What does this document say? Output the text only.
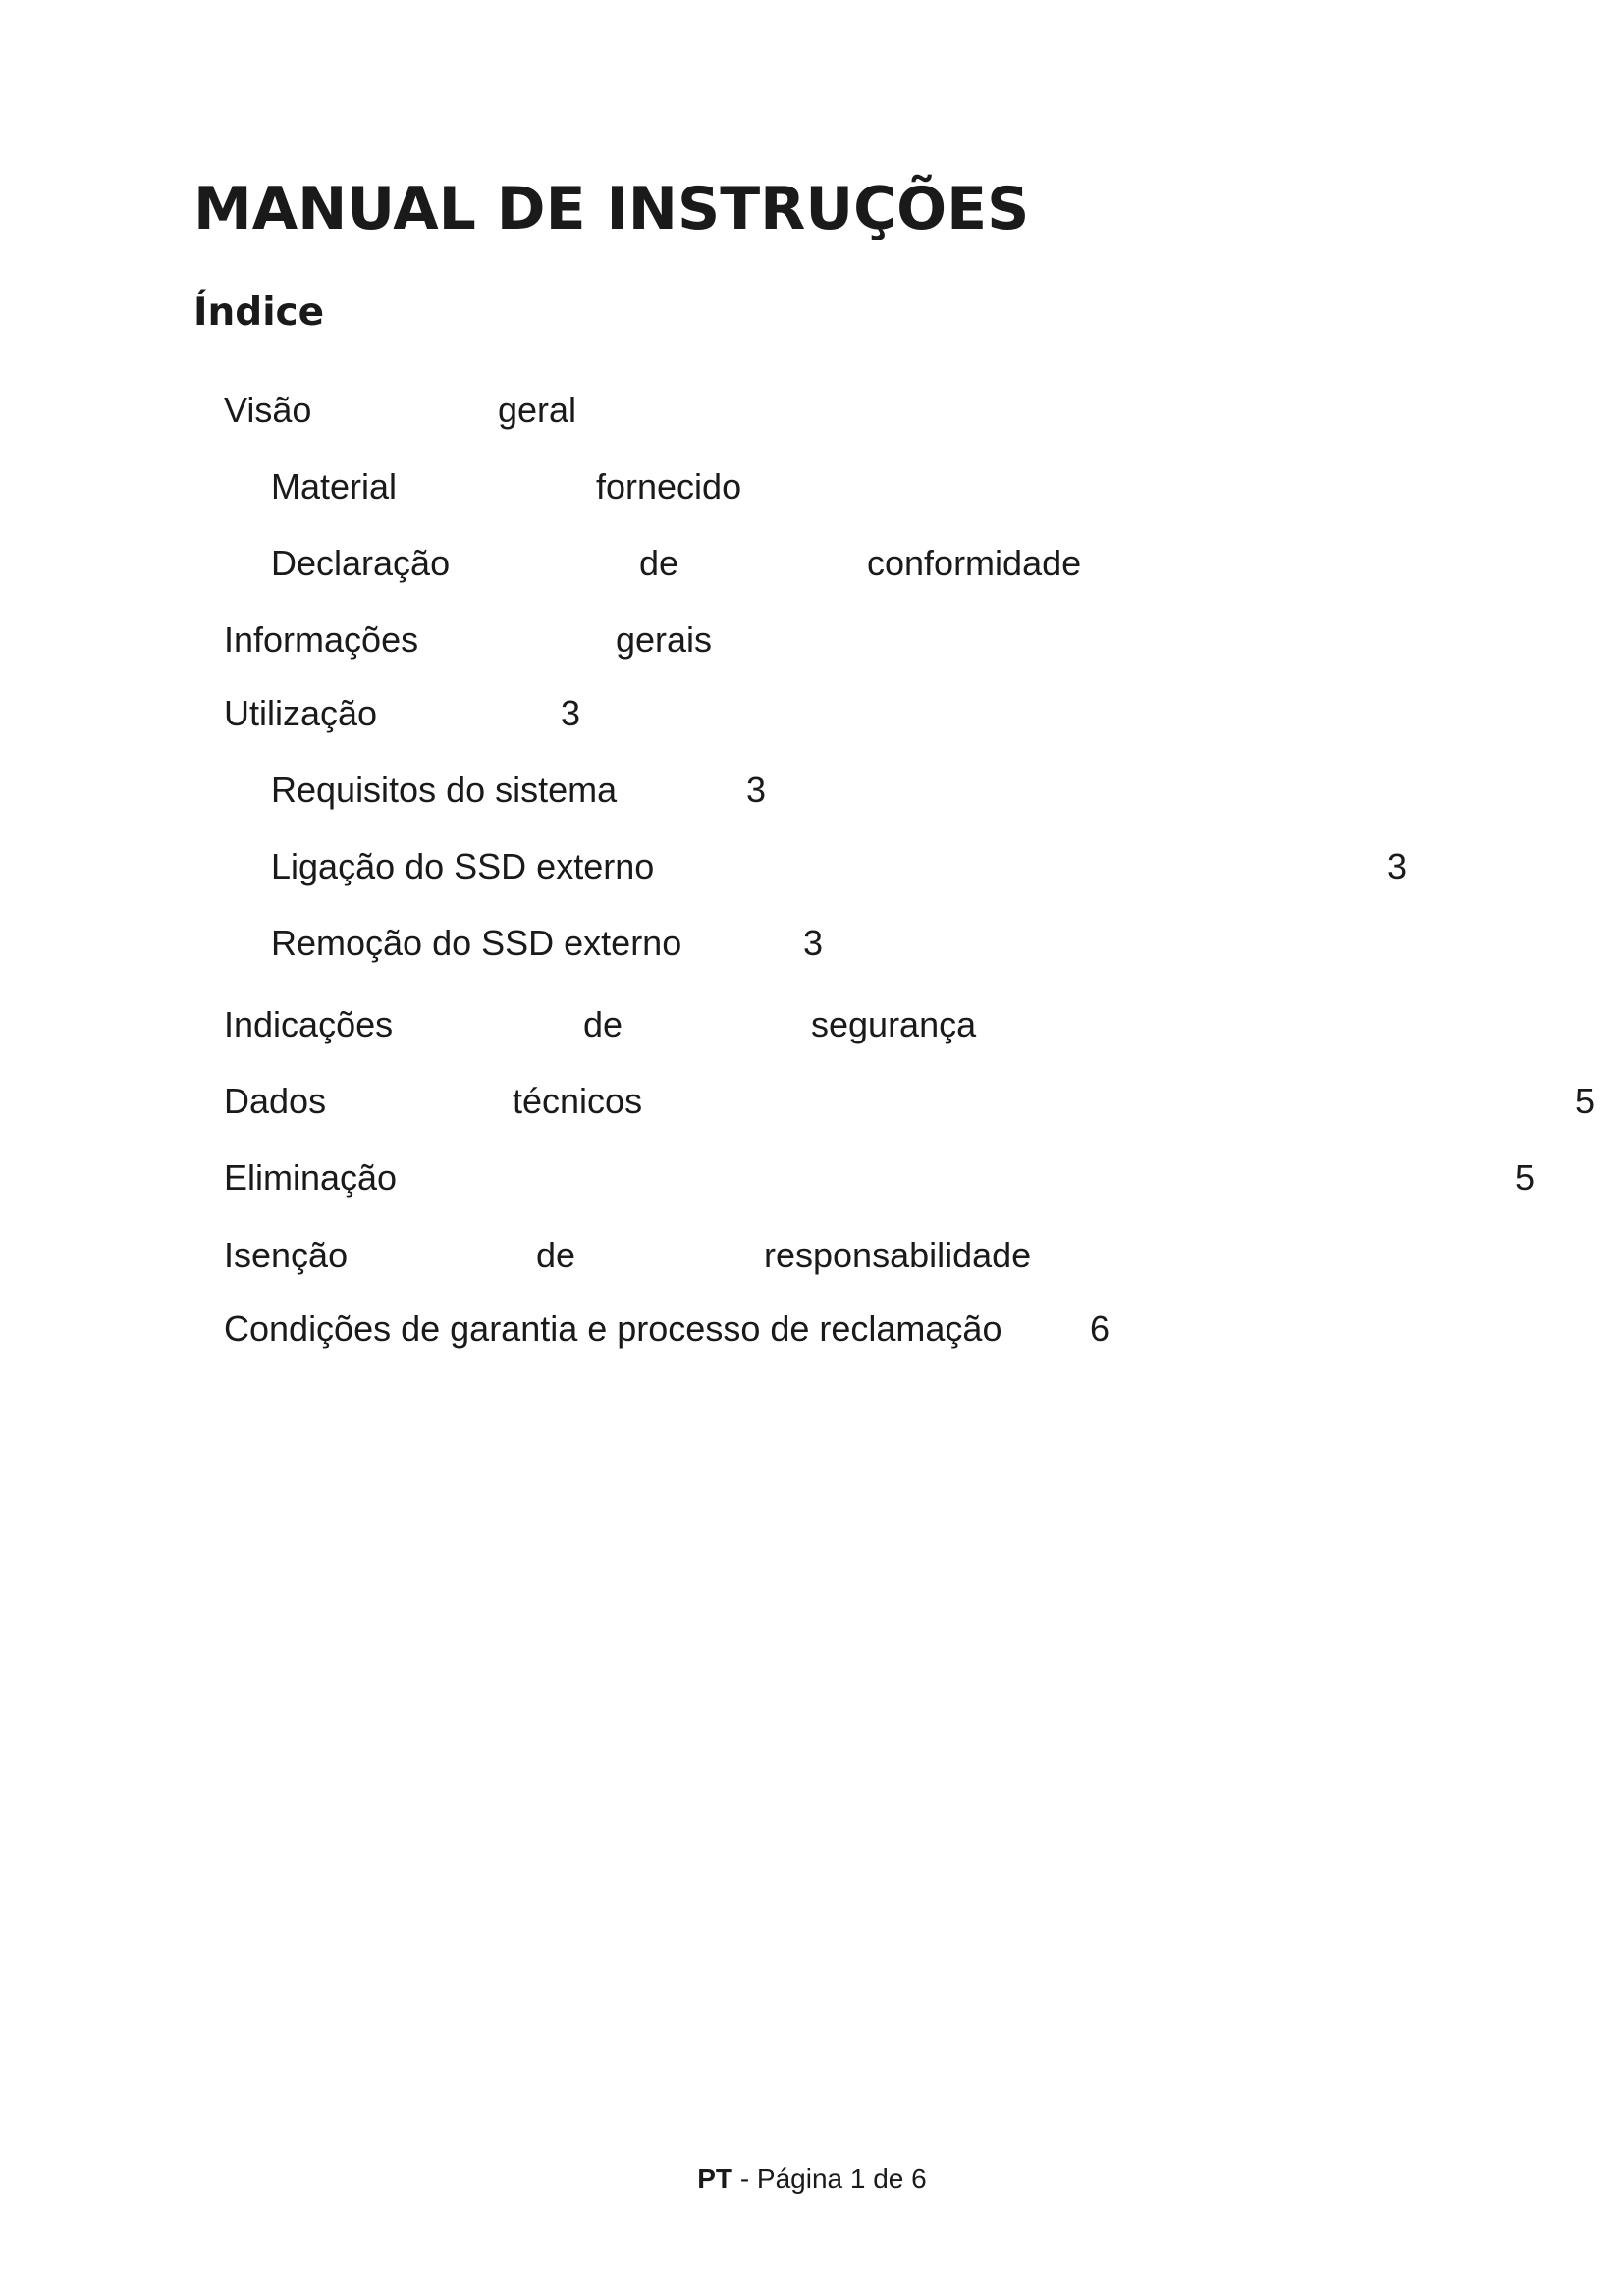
MANUAL DE INSTRUÇÕES
Índice
Visão	geral
Material	fornecido
Declaração	de	conformidade
Informações	gerais
Utilização	3
Requisitos do sistema	3
Ligação do SSD externo	3
Remoção do SSD externo	3
Indicações	de	segurança
Dados	técnicos	5
Eliminação	5
Isenção	de	responsabilidade
Condições de garantia e processo de reclamação 6
PT - Página 1 de 6
